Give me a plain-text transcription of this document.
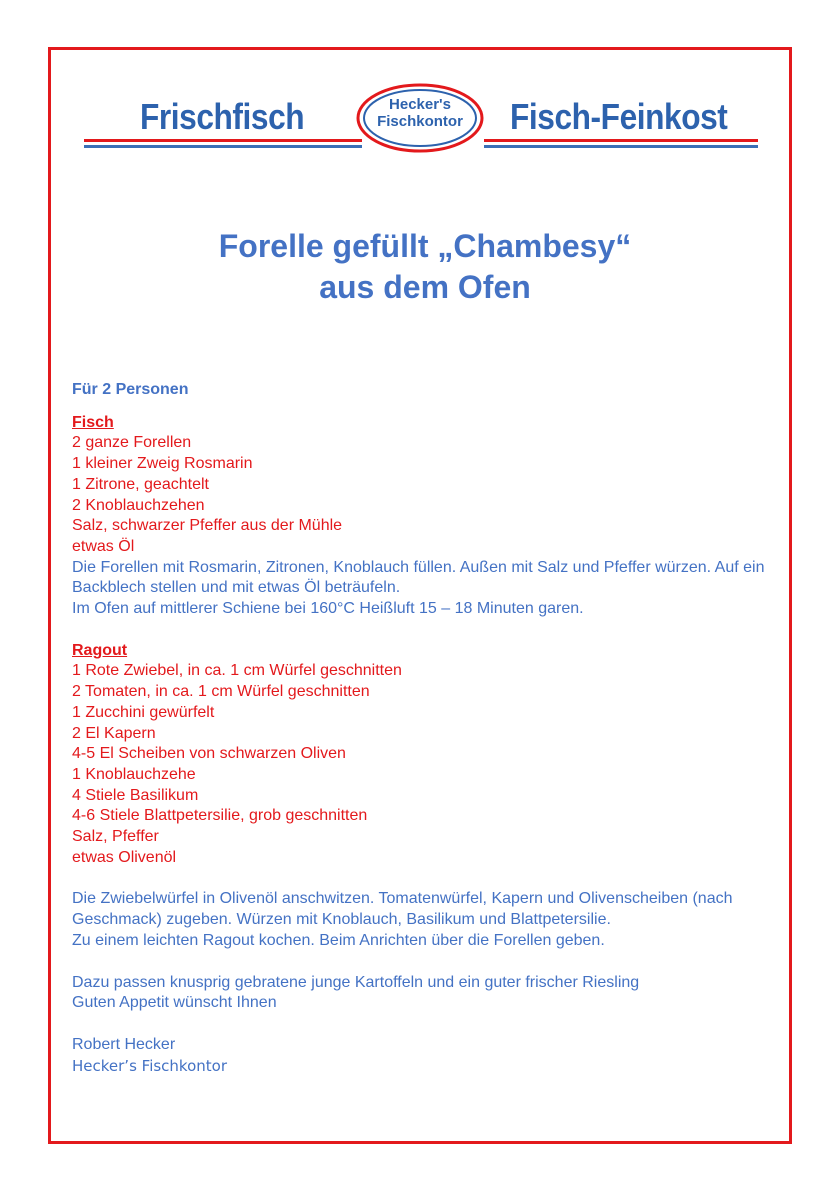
Frischfisch	Fisch-Feinkost
Hecker's
Fischkontor
Forelle gefüllt „Chambesy“
aus dem Ofen
Für 2 Personen
Fisch
2 ganze Forellen
1 kleiner Zweig Rosmarin
1 Zitrone, geachtelt
2 Knoblauchzehen
Salz, schwarzer Pfeffer aus der Mühle
etwas Öl
Die Forellen mit Rosmarin, Zitronen, Knoblauch füllen. Außen mit Salz und Pfeffer würzen. Auf ein Backblech stellen und mit etwas Öl beträufeln.
Im Ofen auf mittlerer Schiene bei 160°C Heißluft 15 – 18 Minuten garen.
Ragout
1 Rote Zwiebel, in ca. 1 cm Würfel geschnitten
2 Tomaten, in ca. 1 cm Würfel geschnitten
1 Zucchini gewürfelt
2 El Kapern
4-5 El Scheiben von schwarzen Oliven
1 Knoblauchzehe
4 Stiele Basilikum
4-6 Stiele Blattpetersilie, grob geschnitten
Salz, Pfeffer
etwas Olivenöl
Die Zwiebelwürfel in Olivenöl anschwitzen. Tomatenwürfel, Kapern und Olivenscheiben (nach Geschmack) zugeben. Würzen mit Knoblauch, Basilikum und Blattpetersilie.
Zu einem leichten Ragout kochen. Beim Anrichten über die Forellen geben.
Dazu passen knusprig gebratene junge Kartoffeln und ein guter frischer Riesling
Guten Appetit wünscht Ihnen
Robert Hecker
Hecker’s Fischkontor
